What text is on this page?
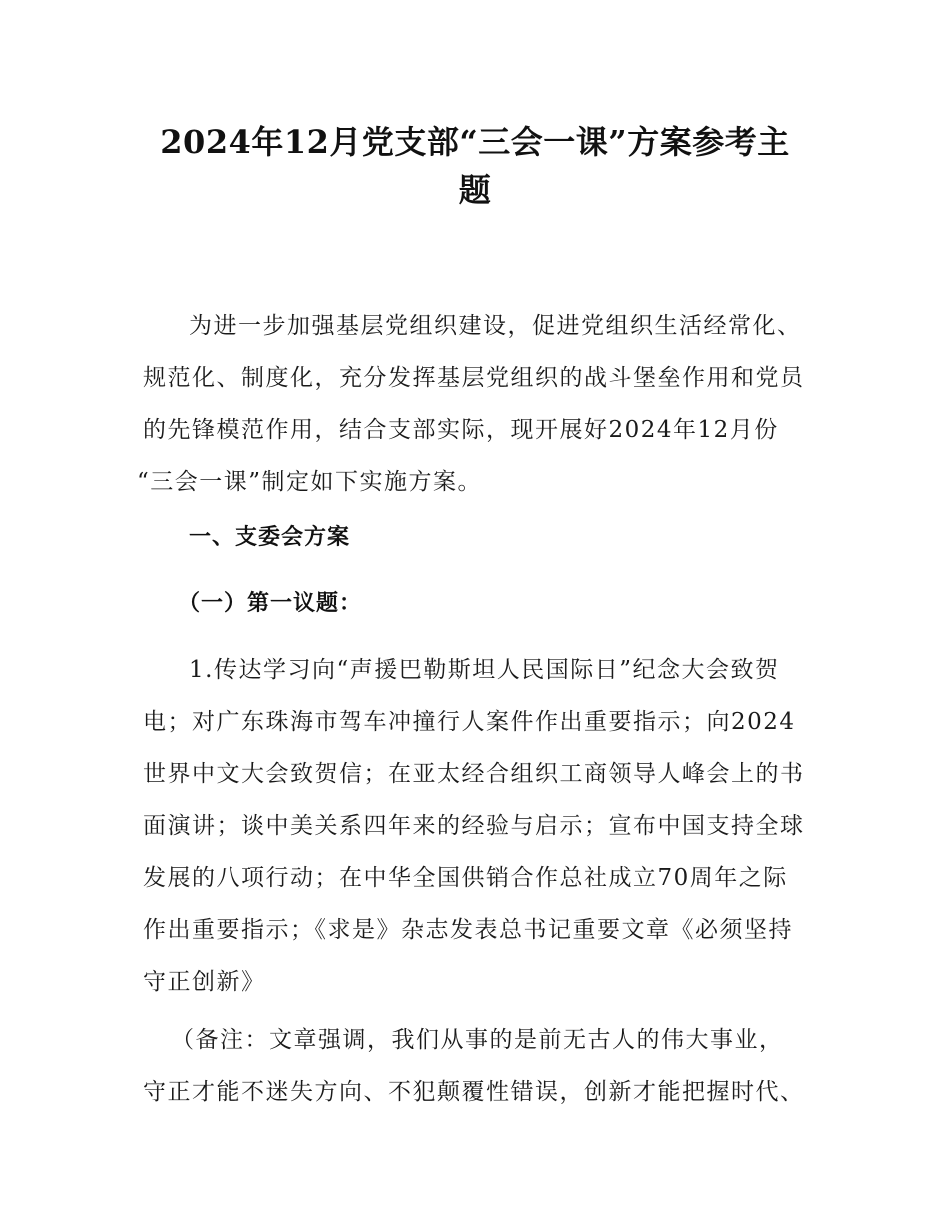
2024年12月党支部“三会一课”方案参考主
题
为进一步加强基层党组织建设，促进党组织生活经常化、
规范化、制度化，充分发挥基层党组织的战斗堡垒作用和党员
的先锋模范作用，结合支部实际，现开展好2024年12月份
“三会一课”制定如下实施方案。
一、支委会方案
（一）第一议题：
1.传达学习向“声援巴勒斯坦人民国际日”纪念大会致贺
电；对广东珠海市驾车冲撞行人案件作出重要指示；向2024
世界中文大会致贺信；在亚太经合组织工商领导人峰会上的书
面演讲；谈中美关系四年来的经验与启示；宣布中国支持全球
发展的八项行动；在中华全国供销合作总社成立70周年之际
作出重要指示；《求是》杂志发表总书记重要文章《必须坚持
守正创新》
（备注：文章强调，我们从事的是前无古人的伟大事业，
守正才能不迷失方向、不犯颠覆性错误，创新才能把握时代、
